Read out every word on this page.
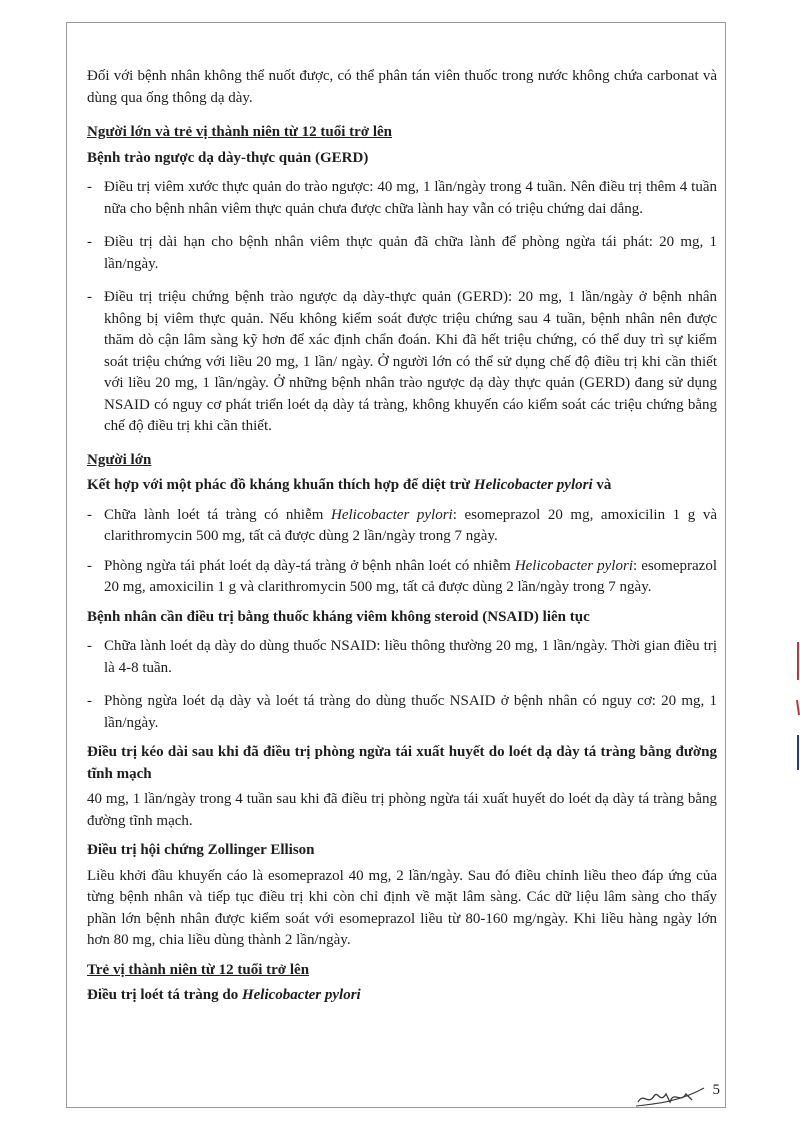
Đối với bệnh nhân không thể nuốt được, có thể phân tán viên thuốc trong nước không chứa carbonat và dùng qua ống thông dạ dày.

Người lớn và trẻ vị thành niên từ 12 tuổi trở lên

Bệnh trào ngược dạ dày-thực quản (GERD)

- Điều trị viêm xước thực quản do trào ngược: 40 mg, 1 lần/ngày trong 4 tuần. Nên điều trị thêm 4 tuần nữa cho bệnh nhân viêm thực quản chưa được chữa lành hay vẫn có triệu chứng dai dẳng.
- Điều trị dài hạn cho bệnh nhân viêm thực quản đã chữa lành để phòng ngừa tái phát: 20 mg, 1 lần/ngày.
- Điều trị triệu chứng bệnh trào ngược dạ dày-thực quản (GERD): 20 mg, 1 lần/ngày ở bệnh nhân không bị viêm thực quản. Nếu không kiểm soát được triệu chứng sau 4 tuần, bệnh nhân nên được thăm dò cận lâm sàng kỹ hơn để xác định chẩn đoán. Khi đã hết triệu chứng, có thể duy trì sự kiểm soát triệu chứng với liều 20 mg, 1 lần/ ngày. Ở người lớn có thể sử dụng chế độ điều trị khi cần thiết với liều 20 mg, 1 lần/ngày. Ở những bệnh nhân trào ngược dạ dày thực quản (GERD) đang sử dụng NSAID có nguy cơ phát triển loét dạ dày tá tràng, không khuyến cáo kiểm soát các triệu chứng bằng chế độ điều trị khi cần thiết.

Người lớn

Kết hợp với một phác đồ kháng khuẩn thích hợp để diệt trừ Helicobacter pylori và

- Chữa lành loét tá tràng có nhiễm Helicobacter pylori: esomeprazol 20 mg, amoxicilin 1 g và clarithromycin 500 mg, tất cả được dùng 2 lần/ngày trong 7 ngày.
- Phòng ngừa tái phát loét dạ dày-tá tràng ở bệnh nhân loét có nhiễm Helicobacter pylori: esomeprazol 20 mg, amoxicilin 1 g và clarithromycin 500 mg, tất cả được dùng 2 lần/ngày trong 7 ngày.

Bệnh nhân cần điều trị bằng thuốc kháng viêm không steroid (NSAID) liên tục

- Chữa lành loét dạ dày do dùng thuốc NSAID: liều thông thường 20 mg, 1 lần/ngày. Thời gian điều trị là 4-8 tuần.
- Phòng ngừa loét dạ dày và loét tá tràng do dùng thuốc NSAID ở bệnh nhân có nguy cơ: 20 mg, 1 lần/ngày.

Điều trị kéo dài sau khi đã điều trị phòng ngừa tái xuất huyết do loét dạ dày tá tràng bằng đường tĩnh mạch

40 mg, 1 lần/ngày trong 4 tuần sau khi đã điều trị phòng ngừa tái xuất huyết do loét dạ dày tá tràng bằng đường tĩnh mạch.

Điều trị hội chứng Zollinger Ellison

Liều khởi đầu khuyến cáo là esomeprazol 40 mg, 2 lần/ngày. Sau đó điều chỉnh liều theo đáp ứng của từng bệnh nhân và tiếp tục điều trị khi còn chỉ định về mặt lâm sàng. Các dữ liệu lâm sàng cho thấy phần lớn bệnh nhân được kiểm soát với esomeprazol liều từ 80-160 mg/ngày. Khi liều hàng ngày lớn hơn 80 mg, chia liều dùng thành 2 lần/ngày.

Trẻ vị thành niên từ 12 tuổi trở lên

Điều trị loét tá tràng do Helicobacter pylori

5
